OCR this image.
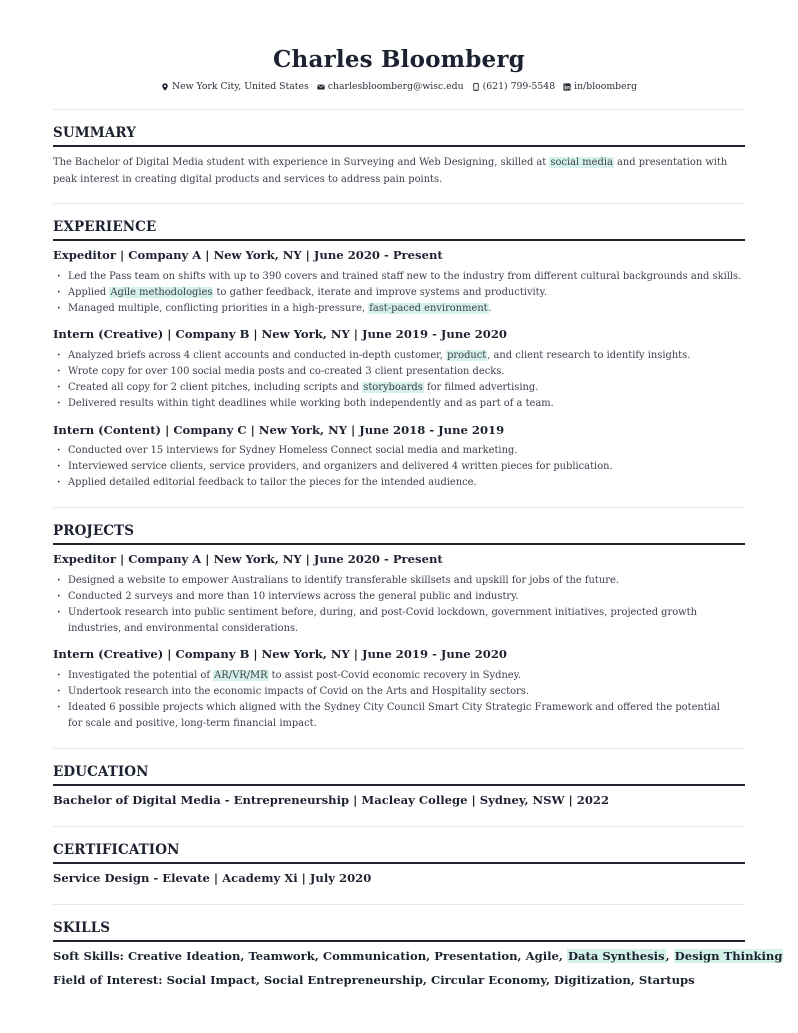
Charles Bloomberg
New York City, United States charlesbloomberg@wisc.edu (621) 799-5548 in/bloomberg
SUMMARY
The Bachelor of Digital Media student with experience in Surveying and Web Designing, skilled at social media and presentation with peak interest in creating digital products and services to address pain points.
EXPERIENCE
Expeditor | Company A | New York, NY | June 2020 - Present
· Led the Pass team on shifts with up to 390 covers and trained staff new to the industry from different cultural backgrounds and skills.
· Applied Agile methodologies to gather feedback, iterate and improve systems and productivity.
· Managed multiple, conflicting priorities in a high-pressure, fast-paced environment.
Intern (Creative) | Company B | New York, NY | June 2019 - June 2020
· Analyzed briefs across 4 client accounts and conducted in-depth customer, product, and client research to identify insights.
· Wrote copy for over 100 social media posts and co-created 3 client presentation decks.
· Created all copy for 2 client pitches, including scripts and storyboards for filmed advertising.
· Delivered results within tight deadlines while working both independently and as part of a team.
Intern (Content) | Company C | New York, NY | June 2018 - June 2019
· Conducted over 15 interviews for Sydney Homeless Connect social media and marketing.
· Interviewed service clients, service providers, and organizers and delivered 4 written pieces for publication.
· Applied detailed editorial feedback to tailor the pieces for the intended audience.
PROJECTS
Expeditor | Company A | New York, NY | June 2020 - Present
· Designed a website to empower Australians to identify transferable skillsets and upskill for jobs of the future.
· Conducted 2 surveys and more than 10 interviews across the general public and industry.
· Undertook research into public sentiment before, during, and post-Covid lockdown, government initiatives, projected growth industries, and environmental considerations.
Intern (Creative) | Company B | New York, NY | June 2019 - June 2020
· Investigated the potential of AR/VR/MR to assist post-Covid economic recovery in Sydney.
· Undertook research into the economic impacts of Covid on the Arts and Hospitality sectors.
· Ideated 6 possible projects which aligned with the Sydney City Council Smart City Strategic Framework and offered the potential for scale and positive, long-term financial impact.
EDUCATION
Bachelor of Digital Media - Entrepreneurship | Macleay College | Sydney, NSW | 2022
CERTIFICATION
Service Design - Elevate | Academy Xi | July 2020
SKILLS
Soft Skills: Creative Ideation, Teamwork, Communication, Presentation, Agile, Data Synthesis, Design Thinking
Field of Interest: Social Impact, Social Entrepreneurship, Circular Economy, Digitization, Startups
